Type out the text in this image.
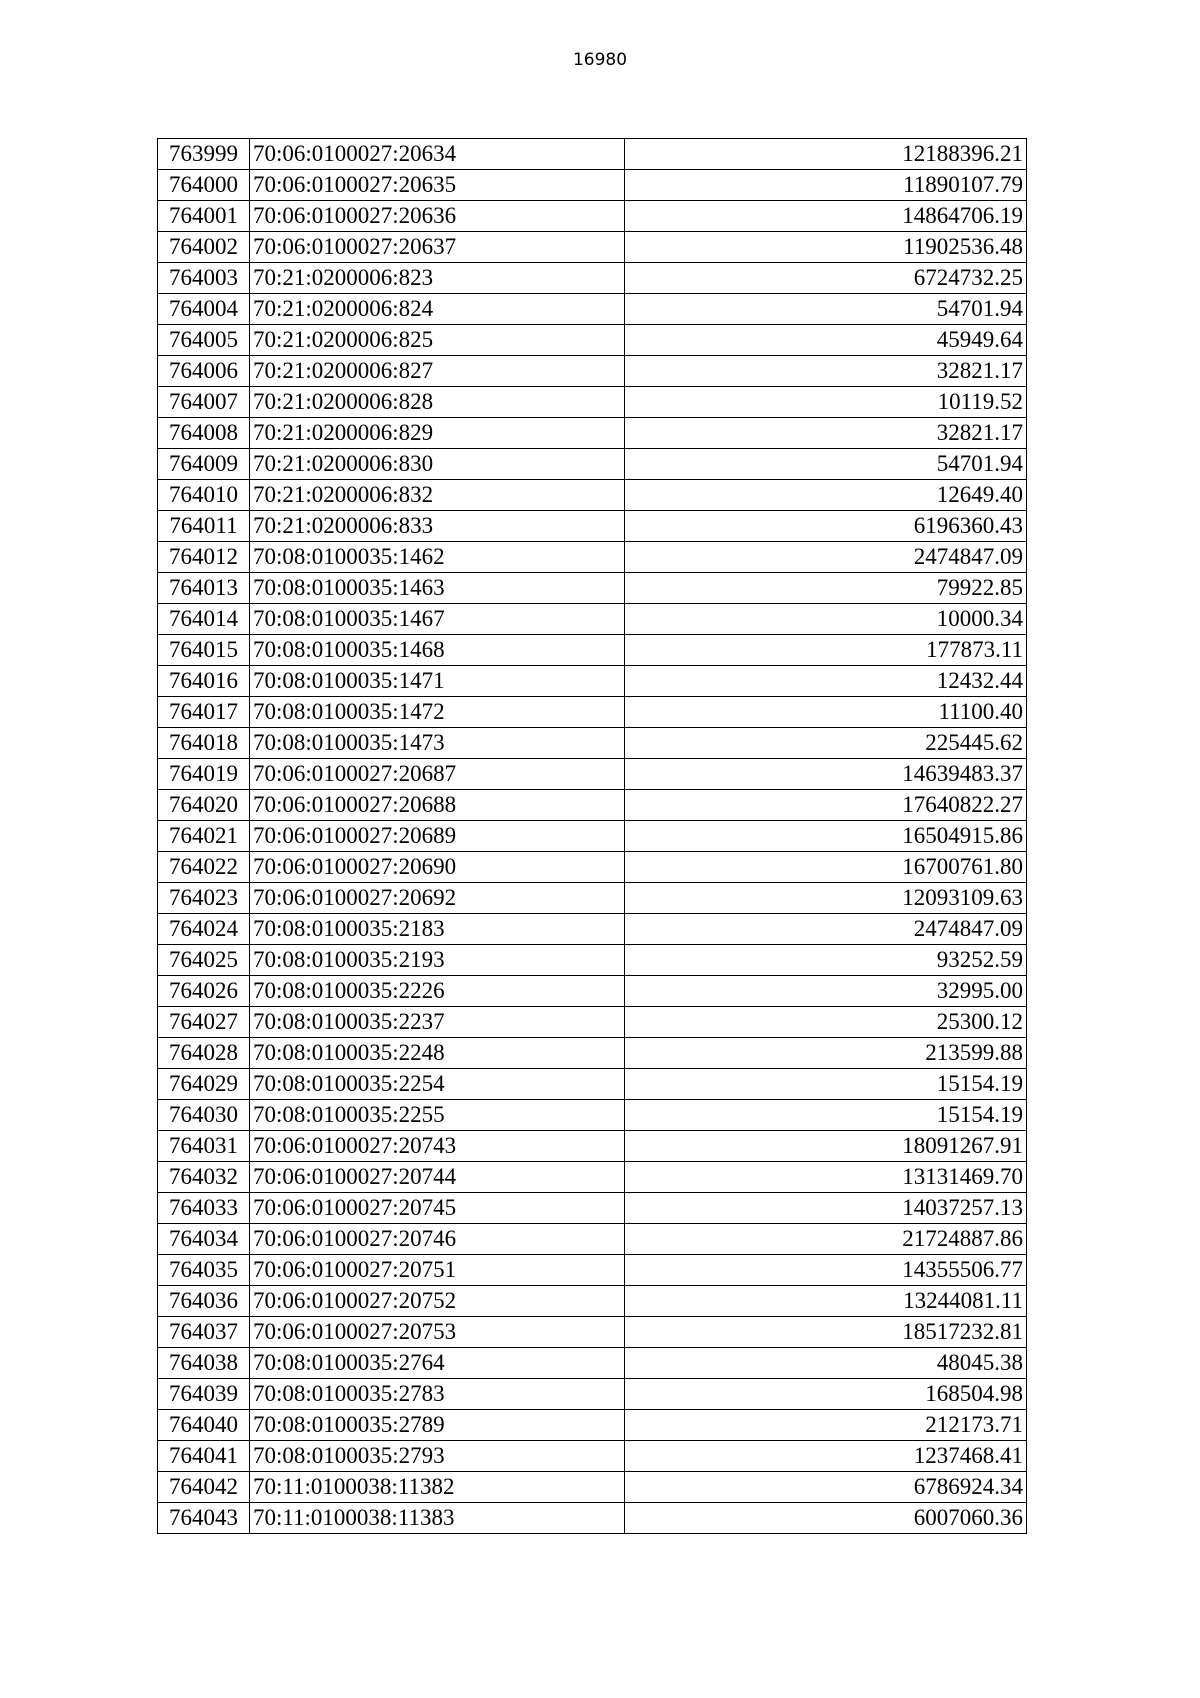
16980
763999	70:06:0100027:20634	12188396.21
764000	70:06:0100027:20635	11890107.79
764001	70:06:0100027:20636	14864706.19
764002	70:06:0100027:20637	11902536.48
764003	70:21:0200006:823	6724732.25
764004	70:21:0200006:824	54701.94
764005	70:21:0200006:825	45949.64
764006	70:21:0200006:827	32821.17
764007	70:21:0200006:828	10119.52
764008	70:21:0200006:829	32821.17
764009	70:21:0200006:830	54701.94
764010	70:21:0200006:832	12649.40
764011	70:21:0200006:833	6196360.43
764012	70:08:0100035:1462	2474847.09
764013	70:08:0100035:1463	79922.85
764014	70:08:0100035:1467	10000.34
764015	70:08:0100035:1468	177873.11
764016	70:08:0100035:1471	12432.44
764017	70:08:0100035:1472	11100.40
764018	70:08:0100035:1473	225445.62
764019	70:06:0100027:20687	14639483.37
764020	70:06:0100027:20688	17640822.27
764021	70:06:0100027:20689	16504915.86
764022	70:06:0100027:20690	16700761.80
764023	70:06:0100027:20692	12093109.63
764024	70:08:0100035:2183	2474847.09
764025	70:08:0100035:2193	93252.59
764026	70:08:0100035:2226	32995.00
764027	70:08:0100035:2237	25300.12
764028	70:08:0100035:2248	213599.88
764029	70:08:0100035:2254	15154.19
764030	70:08:0100035:2255	15154.19
764031	70:06:0100027:20743	18091267.91
764032	70:06:0100027:20744	13131469.70
764033	70:06:0100027:20745	14037257.13
764034	70:06:0100027:20746	21724887.86
764035	70:06:0100027:20751	14355506.77
764036	70:06:0100027:20752	13244081.11
764037	70:06:0100027:20753	18517232.81
764038	70:08:0100035:2764	48045.38
764039	70:08:0100035:2783	168504.98
764040	70:08:0100035:2789	212173.71
764041	70:08:0100035:2793	1237468.41
764042	70:11:0100038:11382	6786924.34
764043	70:11:0100038:11383	6007060.36
